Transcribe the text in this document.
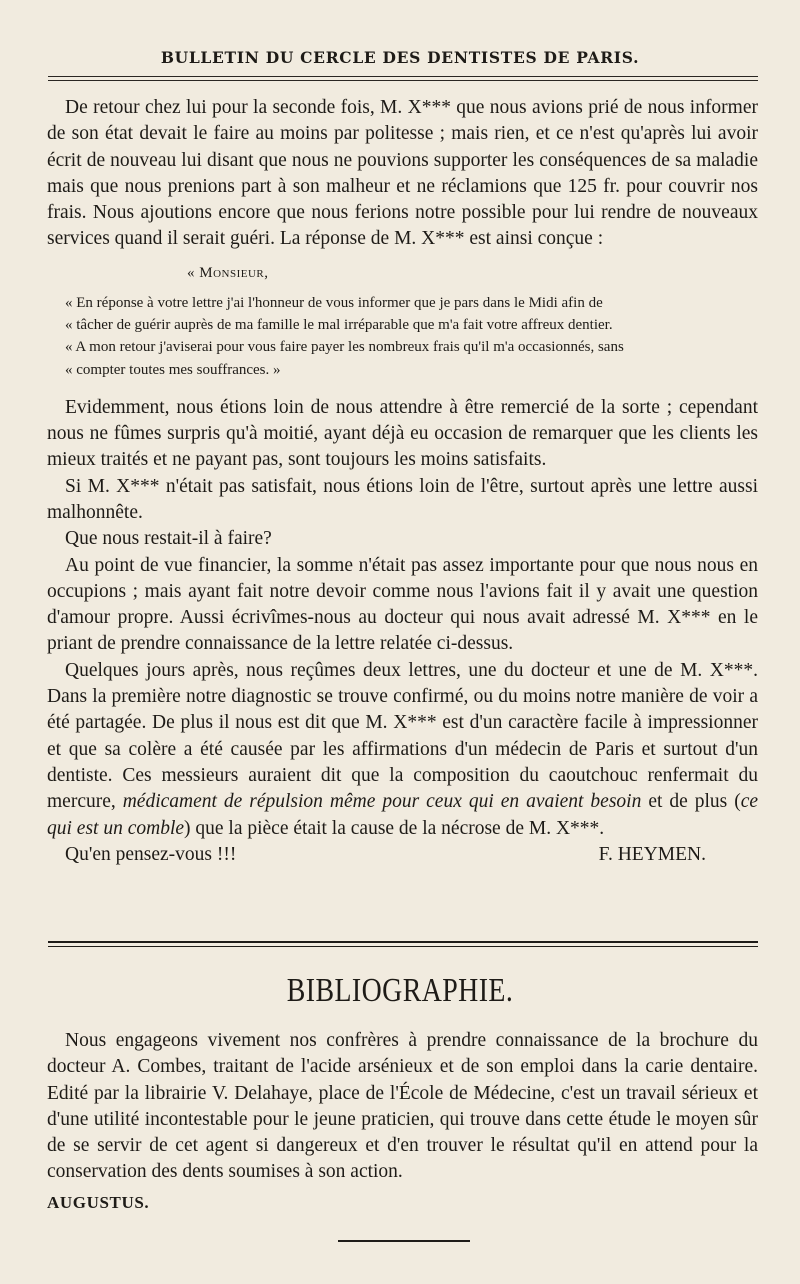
BULLETIN DU CERCLE DES DENTISTES DE PARIS.

De retour chez lui pour la seconde fois, M. X*** que nous avions prié de nous informer de son état devait le faire au moins par politesse ; mais rien, et ce n'est qu'après lui avoir écrit de nouveau lui disant que nous ne pouvions supporter les conséquences de sa maladie mais que nous prenions part à son malheur et ne réclamions que 125 fr. pour couvrir nos frais. Nous ajoutions encore que nous ferions notre possible pour lui rendre de nouveaux services quand il serait guéri. La réponse de M. X*** est ainsi conçue :

« Monsieur,

« En réponse à votre lettre j'ai l'honneur de vous informer que je pars dans le Midi afin de

« tâcher de guérir auprès de ma famille le mal irréparable que m'a fait votre affreux dentier.

« A mon retour j'aviserai pour vous faire payer les nombreux frais qu'il m'a occasionnés, sans

« compter toutes mes souffrances. »

Evidemment, nous étions loin de nous attendre à être remercié de la sorte ; cependant nous ne fûmes surpris qu'à moitié, ayant déjà eu occasion de remarquer que les clients les mieux traités et ne payant pas, sont toujours les moins satisfaits.

Si M. X*** n'était pas satisfait, nous étions loin de l'être, surtout après une lettre aussi malhonnête.

Que nous restait-il à faire?

Au point de vue financier, la somme n'était pas assez importante pour que nous nous en occupions ; mais ayant fait notre devoir comme nous l'avions fait il y avait une question d'amour propre. Aussi écrivîmes-nous au docteur qui nous avait adressé M. X*** en le priant de prendre connaissance de la lettre relatée ci-dessus.

Quelques jours après, nous reçûmes deux lettres, une du docteur et une de M. X***. Dans la première notre diagnostic se trouve confirmé, ou du moins notre manière de voir a été partagée. De plus il nous est dit que M. X*** est d'un caractère facile à impressionner et que sa colère a été causée par les affirmations d'un médecin de Paris et surtout d'un dentiste. Ces messieurs auraient dit que la composition du caoutchouc renfermait du mercure, médicament de répulsion même pour ceux qui en avaient besoin et de plus (ce qui est un comble) que la pièce était la cause de la nécrose de M. X***.

Qu'en pensez-vous !!!	F. HEYMEN.
BIBLIOGRAPHIE.

Nous engageons vivement nos confrères à prendre connaissance de la brochure du docteur A. Combes, traitant de l'acide arsénieux et de son emploi dans la carie dentaire. Edité par la librairie V. Delahaye, place de l'École de Médecine, c'est un travail sérieux et d'une utilité incontestable pour le jeune praticien, qui trouve dans cette étude le moyen sûr de se servir de cet agent si dangereux et d'en trouver le résultat qu'il en attend pour la conservation des dents soumises à son action.

AUGUSTUS.
